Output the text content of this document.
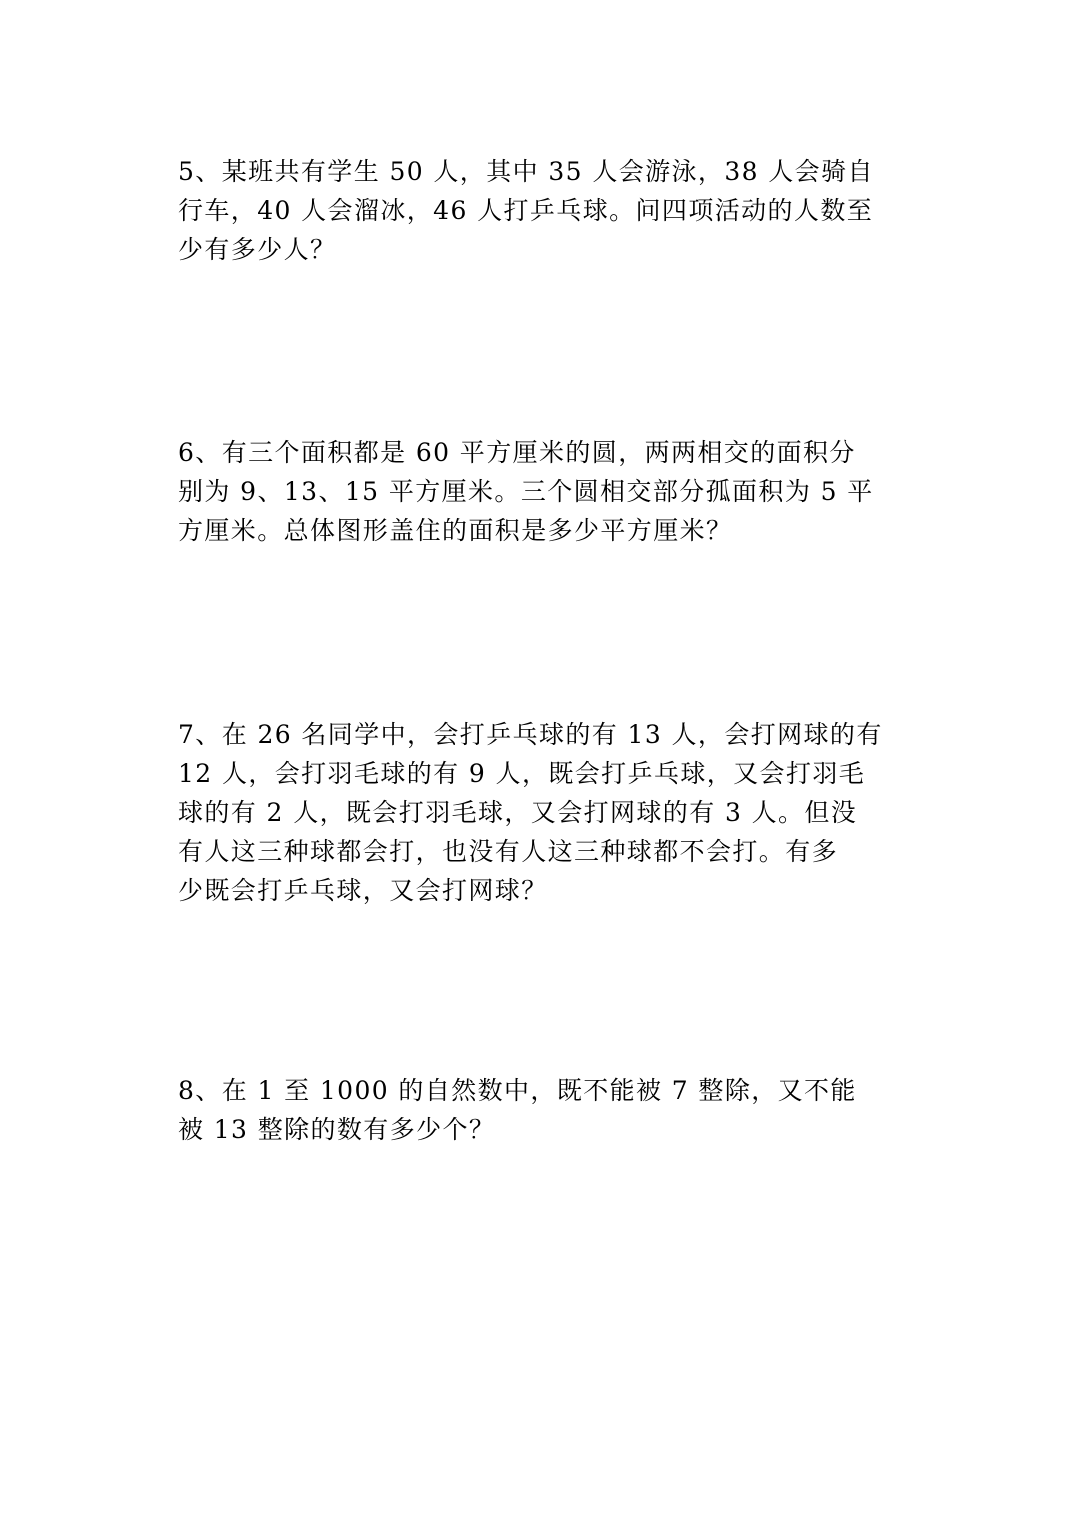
5、某班共有学生 50 人，其中 35 人会游泳，38 人会骑自
行车，40 人会溜冰，46 人打乒乓球。问四项活动的人数至
少有多少人？
6、有三个面积都是 60 平方厘米的圆，两两相交的面积分
别为 9、13、15 平方厘米。三个圆相交部分孤面积为 5 平
方厘米。总体图形盖住的面积是多少平方厘米？
7、在 26 名同学中，会打乒乓球的有 13 人，会打网球的有
12 人，会打羽毛球的有 9 人，既会打乒乓球，又会打羽毛
球的有 2 人，既会打羽毛球，又会打网球的有 3 人。但没
有人这三种球都会打，也没有人这三种球都不会打。有多
少既会打乒乓球，又会打网球？
8、在 1 至 1000 的自然数中，既不能被 7 整除，又不能
被 13 整除的数有多少个？
